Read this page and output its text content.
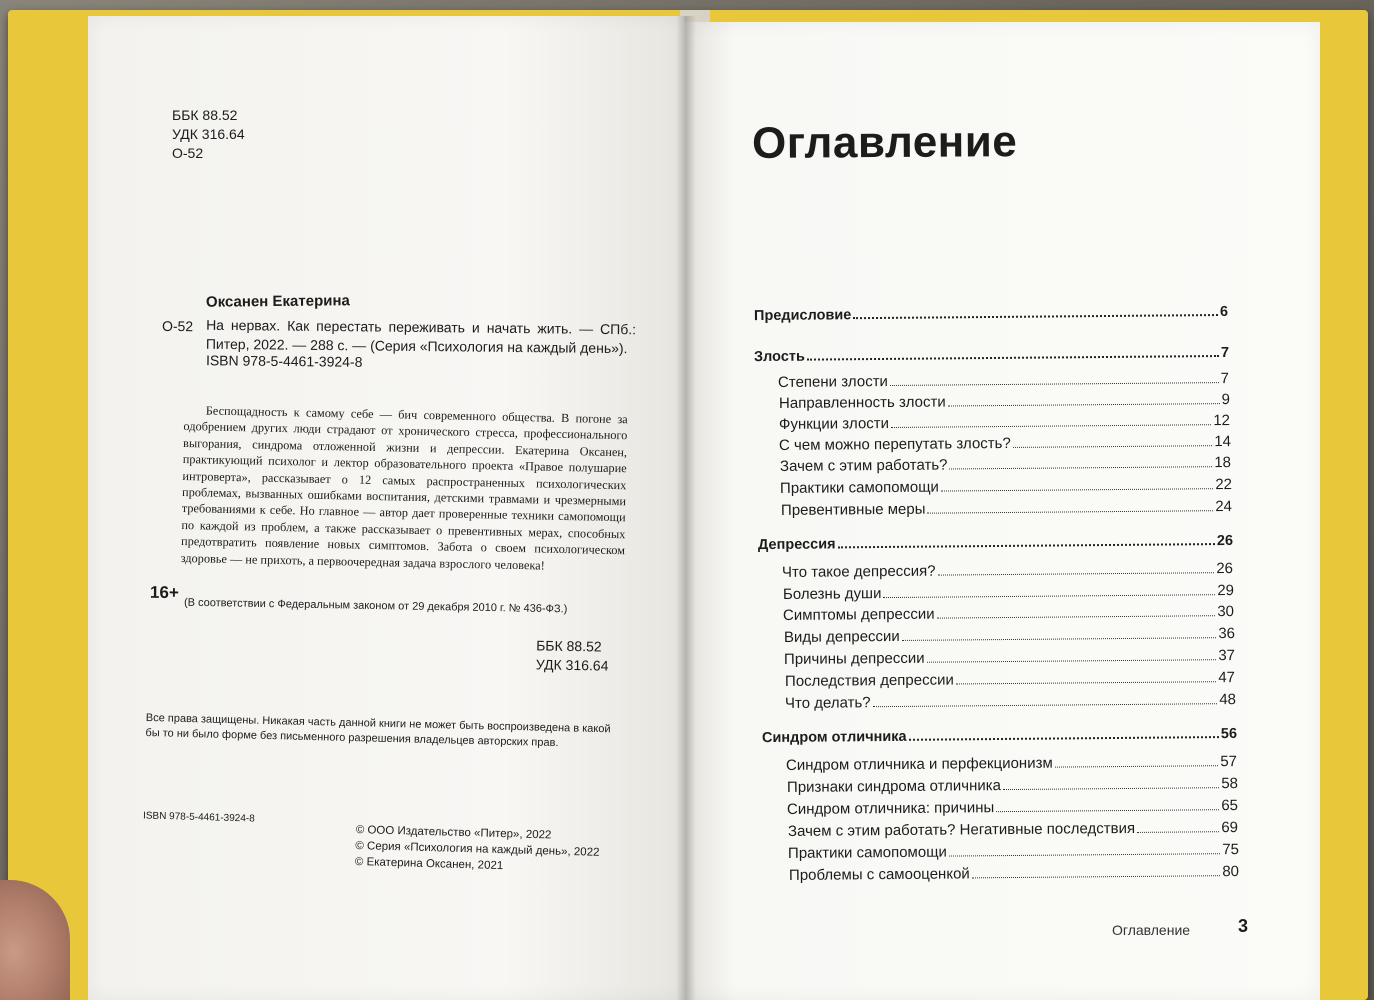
ББК 88.52
УДК 316.64
О-52
Оксанен Екатерина
О-52 На нервах. Как перестать переживать и начать жить. — СПб.: Питер, 2022. — 288 с. — (Серия «Психология на каждый день»).
ISBN 978-5-4461-3924-8
Беспощадность к самому себе — бич современного общества. В погоне за одобрением других люди страдают от хронического стресса, профессионального выгорания, синдрома отложенной жизни и депрессии. Екатерина Оксанен, практикующий психолог и лектор образовательного проекта «Правое полушарие интроверта», рассказывает о 12 самых распространенных психологических проблемах, вызванных ошибками воспитания, детскими травмами и чрезмерными требованиями к себе. Но главное — автор дает проверенные техники самопомощи по каждой из проблем, а также рассказывает о превентивных мерах, способных предотвратить появление новых симптомов. Забота о своем психологическом здоровье — не прихоть, а первоочередная задача взрослого человека!
16+
(В соответствии с Федеральным законом от 29 декабря 2010 г. № 436-ФЗ.)
ББК 88.52
УДК 316.64
Все права защищены. Никакая часть данной книги не может быть воспроизведена в какой бы то ни было форме без письменного разрешения владельцев авторских прав.
ISBN 978-5-4461-3924-8
© ООО Издательство «Питер», 2022
© Серия «Психология на каждый день», 2022
© Екатерина Оксанен, 2021
Оглавление
Предисловие	6
Злость	7
Степени злости	7
Направленность злости	9
Функции злости	12
С чем можно перепутать злость?	14
Зачем с этим работать?	18
Практики самопомощи	22
Превентивные меры	24
Депрессия	26
Что такое депрессия?	26
Болезнь души	29
Симптомы депрессии	30
Виды депрессии	36
Причины депрессии	37
Последствия депрессии	47
Что делать?	48
Синдром отличника	56
Синдром отличника и перфекционизм	57
Признаки синдрома отличника	58
Синдром отличника: причины	65
Зачем с этим работать? Негативные последствия	69
Практики самопомощи	75
Проблемы с самооценкой	80
Оглавление	3
